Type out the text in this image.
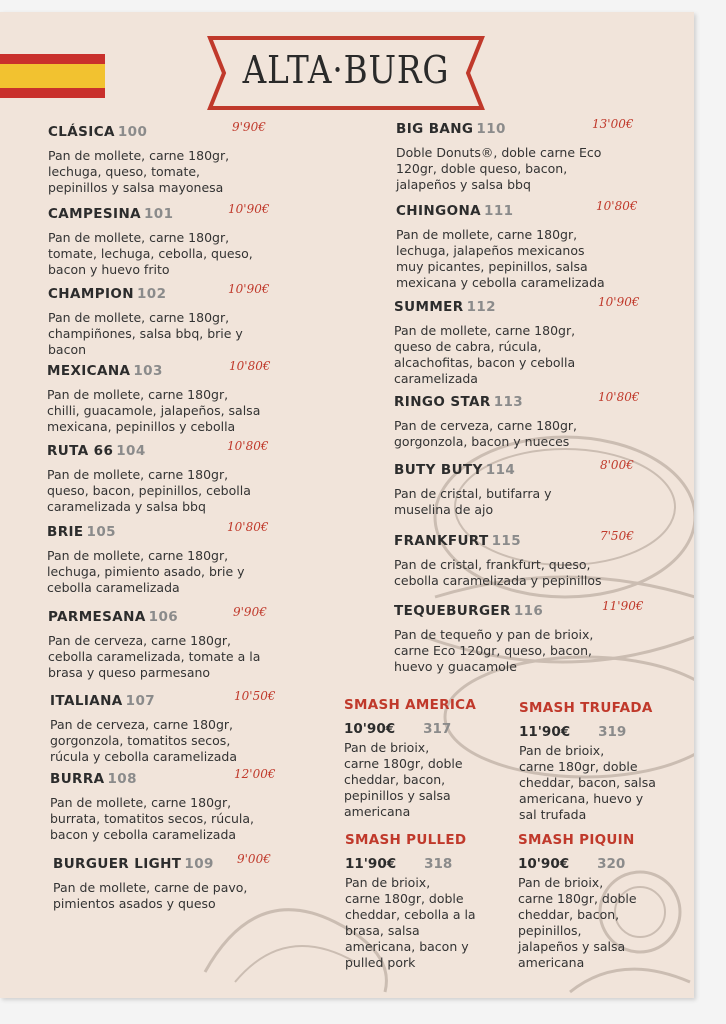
ALTA·BURG
CLÁSICA 100	9'90€
Pan de mollete, carne 180gr,
lechuga, queso, tomate,
pepinillos y salsa mayonesa
CAMPESINA 101	10'90€
Pan de mollete, carne 180gr,
tomate, lechuga, cebolla, queso,
bacon y huevo frito
CHAMPION 102	10'90€
Pan de mollete, carne 180gr,
champiñones, salsa bbq, brie y
bacon
MEXICANA 103	10'80€
Pan de mollete, carne 180gr,
chilli, guacamole, jalapeños, salsa
mexicana, pepinillos y cebolla
RUTA 66 104	10'80€
Pan de mollete, carne 180gr,
queso, bacon, pepinillos, cebolla
caramelizada y salsa bbq
BRIE 105	10'80€
Pan de mollete, carne 180gr,
lechuga, pimiento asado, brie y
cebolla caramelizada
PARMESANA 106	9'90€
Pan de cerveza, carne 180gr,
cebolla caramelizada, tomate a la
brasa y queso parmesano
ITALIANA 107	10'50€
Pan de cerveza, carne 180gr,
gorgonzola, tomatitos secos,
rúcula y cebolla caramelizada
BURRA 108	12'00€
Pan de mollete, carne 180gr,
burrata, tomatitos secos, rúcula,
bacon y cebolla caramelizada
BURGUER LIGHT 109	9'00€
Pan de mollete, carne de pavo,
pimientos asados y queso
BIG BANG 110	13'00€
Doble Donuts®, doble carne Eco
120gr, doble queso, bacon,
jalapeños y salsa bbq
CHINGONA 111	10'80€
Pan de mollete, carne 180gr,
lechuga, jalapeños mexicanos
muy picantes, pepinillos, salsa
mexicana y cebolla caramelizada
SUMMER 112	10'90€
Pan de mollete, carne 180gr,
queso de cabra, rúcula,
alcachofitas, bacon y cebolla
caramelizada
RINGO STAR 113	10'80€
Pan de cerveza, carne 180gr,
gorgonzola, bacon y nueces
BUTY BUTY 114	8'00€
Pan de cristal, butifarra y
muselina de ajo
FRANKFURT 115	7'50€
Pan de cristal, frankfurt, queso,
cebolla caramelizada y pepinillos
TEQUEBURGER 116	11'90€
Pan de tequeño y pan de brioix,
carne Eco 120gr, queso, bacon,
huevo y guacamole
SMASH AMERICA
10'90€ 317
Pan de brioix,
carne 180gr, doble
cheddar, bacon,
pepinillos y salsa
americana
SMASH TRUFADA
11'90€ 319
Pan de brioix,
carne 180gr, doble
cheddar, bacon, salsa
americana, huevo y
sal trufada
SMASH PULLED
11'90€ 318
Pan de brioix,
carne 180gr, doble
cheddar, cebolla a la
brasa, salsa
americana, bacon y
pulled pork
SMASH PIQUIN
10'90€ 320
Pan de brioix,
carne 180gr, doble
cheddar, bacon,
pepinillos,
jalapeños y salsa
americana
